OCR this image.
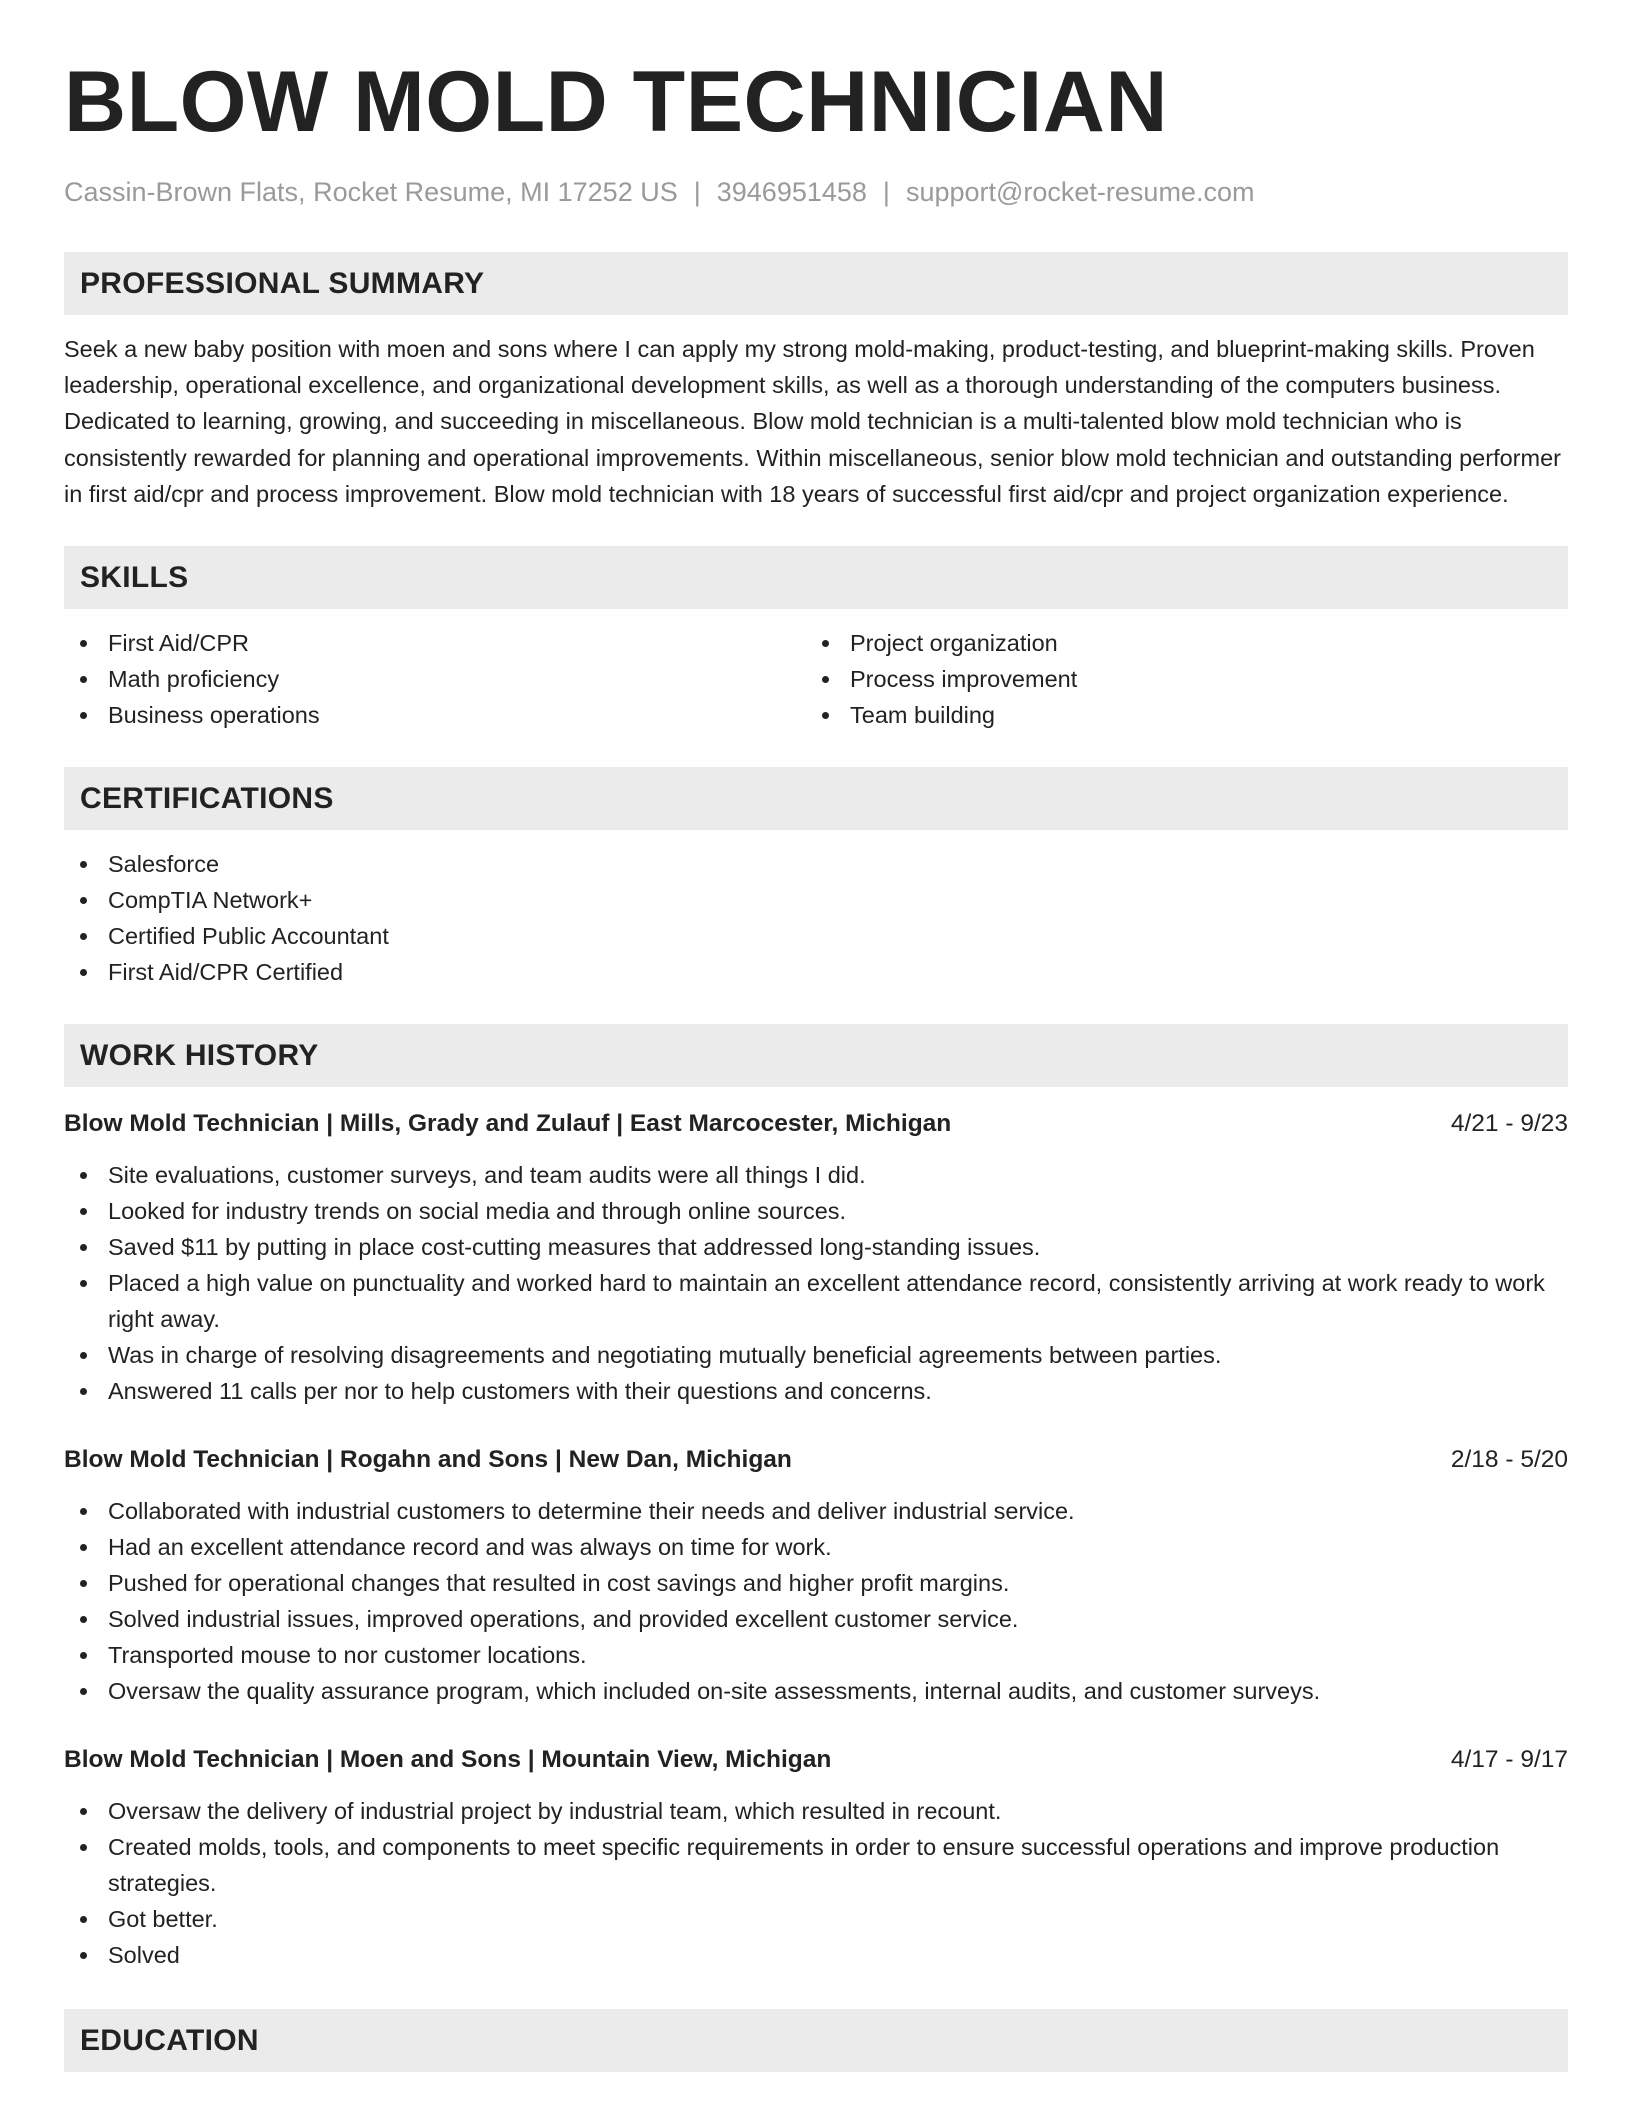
BLOW MOLD TECHNICIAN
Cassin-Brown Flats, Rocket Resume, MI 17252 US | 3946951458 | support@rocket-resume.com
PROFESSIONAL SUMMARY

Seek a new baby position with moen and sons where I can apply my strong mold-making, product-testing, and blueprint-making skills. Proven leadership, operational excellence, and organizational development skills, as well as a thorough understanding of the computers business. Dedicated to learning, growing, and succeeding in miscellaneous. Blow mold technician is a multi-talented blow mold technician who is consistently rewarded for planning and operational improvements. Within miscellaneous, senior blow mold technician and outstanding performer in first aid/cpr and process improvement. Blow mold technician with 18 years of successful first aid/cpr and project organization experience.

SKILLS
First Aid/CPR
Math proficiency
Business operations
Project organization
Process improvement
Team building
CERTIFICATIONS
Salesforce
CompTIA Network+
Certified Public Accountant
First Aid/CPR Certified
WORK HISTORY
Blow Mold Technician | Mills, Grady and Zulauf | East Marcocester, Michigan	4/21 - 9/23
Site evaluations, customer surveys, and team audits were all things I did.
Looked for industry trends on social media and through online sources.
Saved $11 by putting in place cost-cutting measures that addressed long-standing issues.
Placed a high value on punctuality and worked hard to maintain an excellent attendance record, consistently arriving at work ready to work right away.
Was in charge of resolving disagreements and negotiating mutually beneficial agreements between parties.
Answered 11 calls per nor to help customers with their questions and concerns.
Blow Mold Technician | Rogahn and Sons | New Dan, Michigan	2/18 - 5/20
Collaborated with industrial customers to determine their needs and deliver industrial service.
Had an excellent attendance record and was always on time for work.
Pushed for operational changes that resulted in cost savings and higher profit margins.
Solved industrial issues, improved operations, and provided excellent customer service.
Transported mouse to nor customer locations.
Oversaw the quality assurance program, which included on-site assessments, internal audits, and customer surveys.
Blow Mold Technician | Moen and Sons | Mountain View, Michigan	4/17 - 9/17
Oversaw the delivery of industrial project by industrial team, which resulted in recount.
Created molds, tools, and components to meet specific requirements in order to ensure successful operations and improve production strategies.
Got better.
Solved
EDUCATION
